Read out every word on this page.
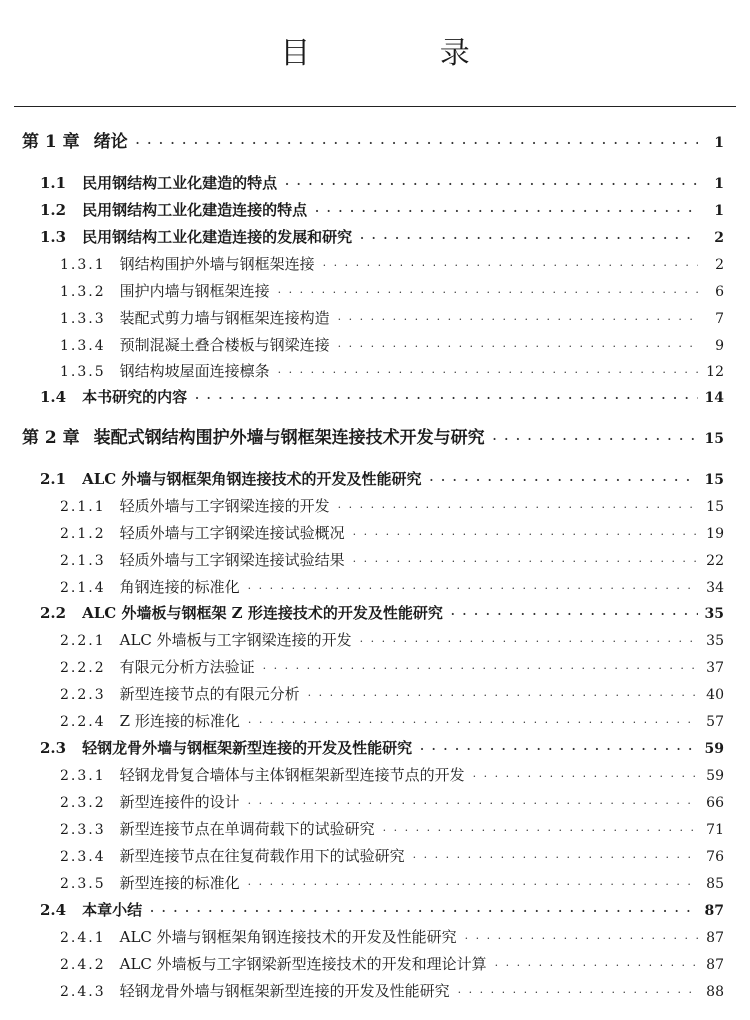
目 录
第 1 章 绪论 · · ·	1
1.1 民用钢结构工业化建造的特点 · · ·	1
1.2 民用钢结构工业化建造连接的特点 · · ·	1
1.3 民用钢结构工业化建造连接的发展和研究 · · ·	2
1.3.1 钢结构围护外墙与钢框架连接 · · ·	2
1.3.2 围护内墙与钢框架连接 · · ·	6
1.3.3 装配式剪力墙与钢框架连接构造 · · ·	7
1.3.4 预制混凝土叠合楼板与钢梁连接 · · ·	9
1.3.5 钢结构坡屋面连接檩条 · · ·	12
1.4 本书研究的内容 · · ·	14
第 2 章 装配式钢结构围护外墙与钢框架连接技术开发与研究 · · ·	15
2.1 ALC 外墙与钢框架角钢连接技术的开发及性能研究 · · ·	15
2.1.1 轻质外墙与工字钢梁连接的开发 · · ·	15
2.1.2 轻质外墙与工字钢梁连接试验概况 · · ·	19
2.1.3 轻质外墙与工字钢梁连接试验结果 · · ·	22
2.1.4 角钢连接的标准化 · · ·	34
2.2 ALC 外墙板与钢框架 Z 形连接技术的开发及性能研究 · · ·	35
2.2.1 ALC 外墙板与工字钢梁连接的开发 · · ·	35
2.2.2 有限元分析方法验证 · · ·	37
2.2.3 新型连接节点的有限元分析 · · ·	40
2.2.4 Z 形连接的标准化 · · ·	57
2.3 轻钢龙骨外墙与钢框架新型连接的开发及性能研究 · · ·	59
2.3.1 轻钢龙骨复合墙体与主体钢框架新型连接节点的开发 · · ·	59
2.3.2 新型连接件的设计 · · ·	66
2.3.3 新型连接节点在单调荷载下的试验研究 · · ·	71
2.3.4 新型连接节点在往复荷载作用下的试验研究 · · ·	76
2.3.5 新型连接的标准化 · · ·	85
2.4 本章小结 · · ·	87
2.4.1 ALC 外墙与钢框架角钢连接技术的开发及性能研究 · · ·	87
2.4.2 ALC 外墙板与工字钢梁新型连接技术的开发和理论计算 · · ·	87
2.4.3 轻钢龙骨外墙与钢框架新型连接的开发及性能研究 · · ·	88
